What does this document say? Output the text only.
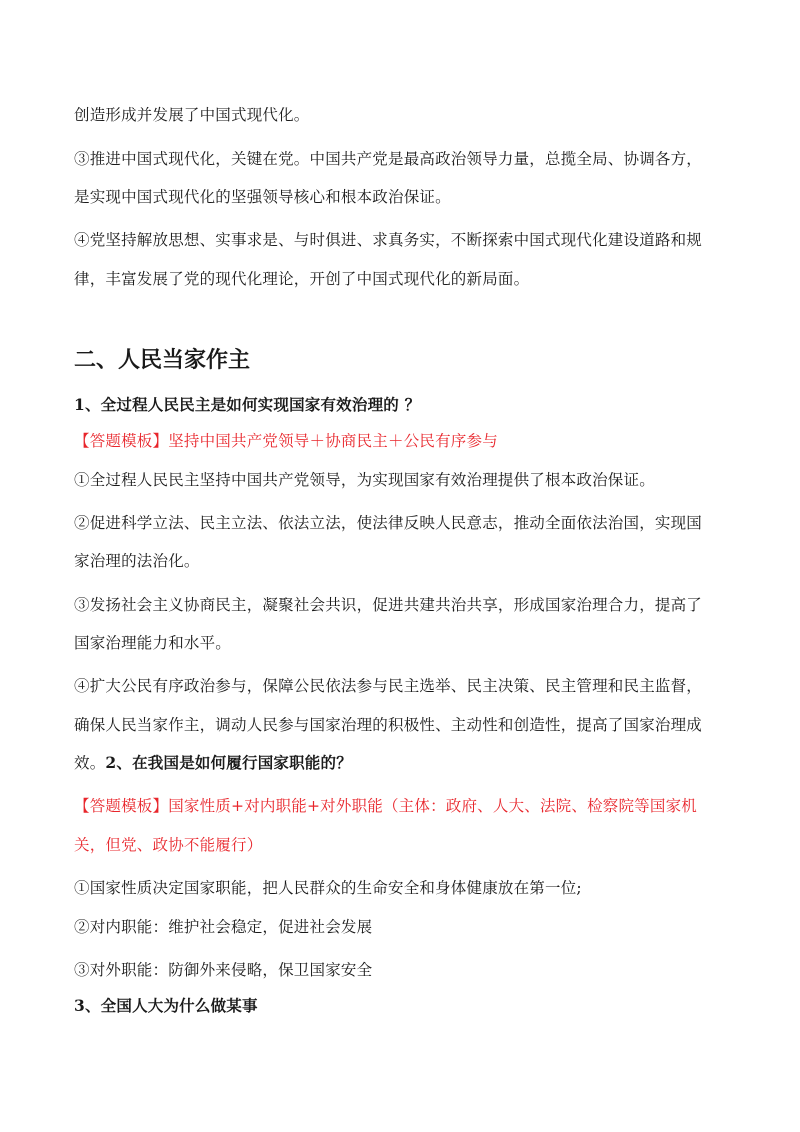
创造形成并发展了中国式现代化。
③推进中国式现代化，关键在党。中国共产党是最高政治领导力量，总揽全局、协调各方，
是实现中国式现代化的坚强领导核心和根本政治保证。
④党坚持解放思想、实事求是、与时俱进、求真务实，不断探索中国式现代化建设道路和规
律，丰富发展了党的现代化理论，开创了中国式现代化的新局面。
二、人民当家作主
1、全过程人民民主是如何实现国家有效治理的 ？
【答题模板】坚持中国共产党领导＋协商民主＋公民有序参与
①全过程人民民主坚持中国共产党领导，为实现国家有效治理提供了根本政治保证。
②促进科学立法、民主立法、依法立法，使法律反映人民意志，推动全面依法治国，实现国
家治理的法治化。
③发扬社会主义协商民主，凝聚社会共识，促进共建共治共享，形成国家治理合力，提高了
国家治理能力和水平。
④扩大公民有序政治参与，保障公民依法参与民主选举、民主决策、民主管理和民主监督，
确保人民当家作主，调动人民参与国家治理的积极性、主动性和创造性，提高了国家治理成
效。2、在我国是如何履行国家职能的？
【答题模板】国家性质+对内职能+对外职能（主体：政府、人大、法院、检察院等国家机
关，但党、政协不能履行）
①国家性质决定国家职能，把人民群众的生命安全和身体健康放在第一位;
②对内职能：维护社会稳定，促进社会发展
③对外职能：防御外来侵略，保卫国家安全
3、全国人大为什么做某事
